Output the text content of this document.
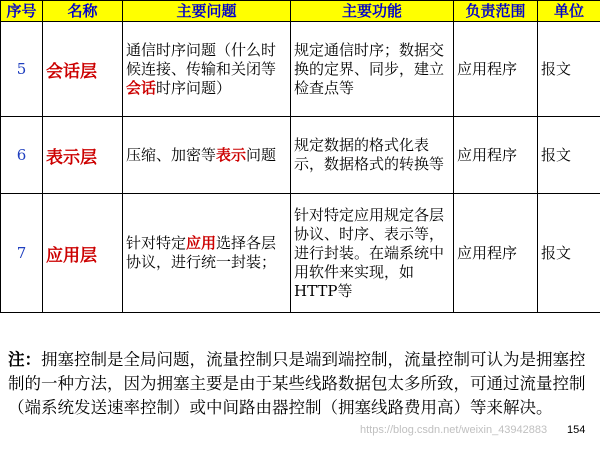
序号	名称	主要问题	主要功能	负责范围	单位
5	会话层	通信时序问题（什么时候连接、传输和关闭等会话时序问题）	规定通信时序；数据交换的定界、同步，建立检查点等	应用程序	报文
6	表示层	压缩、加密等表示问题	规定数据的格式化表示，数据格式的转换等	应用程序	报文
7	应用层	针对特定应用选择各层协议，进行统一封装；	针对特定应用规定各层协议、时序、表示等，进行封装。在端系统中用软件来实现，如HTTP等	应用程序	报文
注：拥塞控制是全局问题，流量控制只是端到端控制，流量控制可认为是拥塞控制的一种方法，因为拥塞主要是由于某些线路数据包太多所致，可通过流量控制（端系统发送速率控制）或中间路由器控制（拥塞线路费用高）等来解决。
https://blog.csdn.net/weixin_43942883 154
